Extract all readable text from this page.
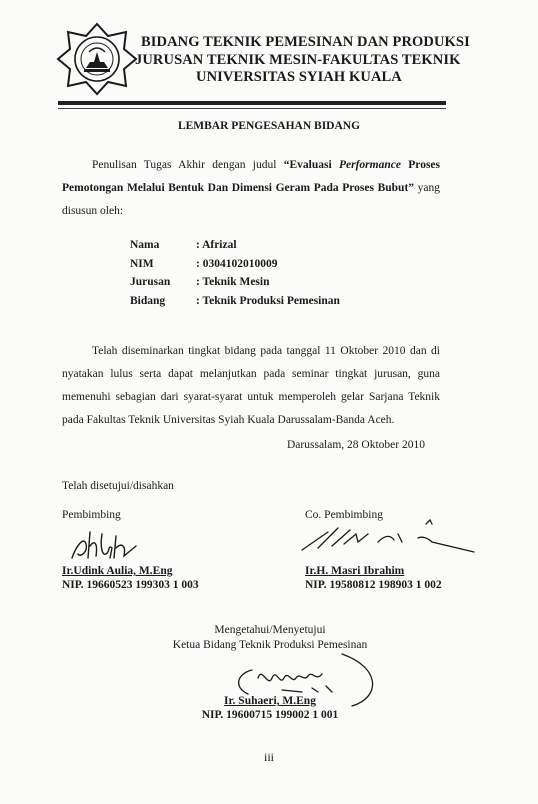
BIDANG TEKNIK PEMESINAN DAN PRODUKSI
JURUSAN TEKNIK MESIN-FAKULTAS TEKNIK
UNIVERSITAS SYIAH KUALA
LEMBAR PENGESAHAN BIDANG
Penulisan Tugas Akhir dengan judul “Evaluasi Performance Proses Pemotongan Melalui Bentuk Dan Dimensi Geram Pada Proses Bubut” yang disusun oleh:
Nama	: Afrizal
NIM	: 0304102010009
Jurusan	: Teknik Mesin
Bidang	: Teknik Produksi Pemesinan
Telah diseminarkan tingkat bidang pada tanggal 11 Oktober 2010 dan di nyatakan lulus serta dapat melanjutkan pada seminar tingkat jurusan, guna memenuhi sebagian dari syarat-syarat untuk memperoleh gelar Sarjana Teknik pada Fakultas Teknik Universitas Syiah Kuala Darussalam-Banda Aceh.
Darussalam, 28 Oktober 2010
Telah disetujui/disahkan
Pembimbing
Ir.Udink Aulia, M.Eng
NIP. 19660523 199303 1 003
Co. Pembimbing
Ir.H. Masri Ibrahim
NIP. 19580812 198903 1 002
Mengetahui/Menyetujui
Ketua Bidang Teknik Produksi Pemesinan
Ir. Suhaeri, M.Eng
NIP. 19600715 199002 1 001
iii
